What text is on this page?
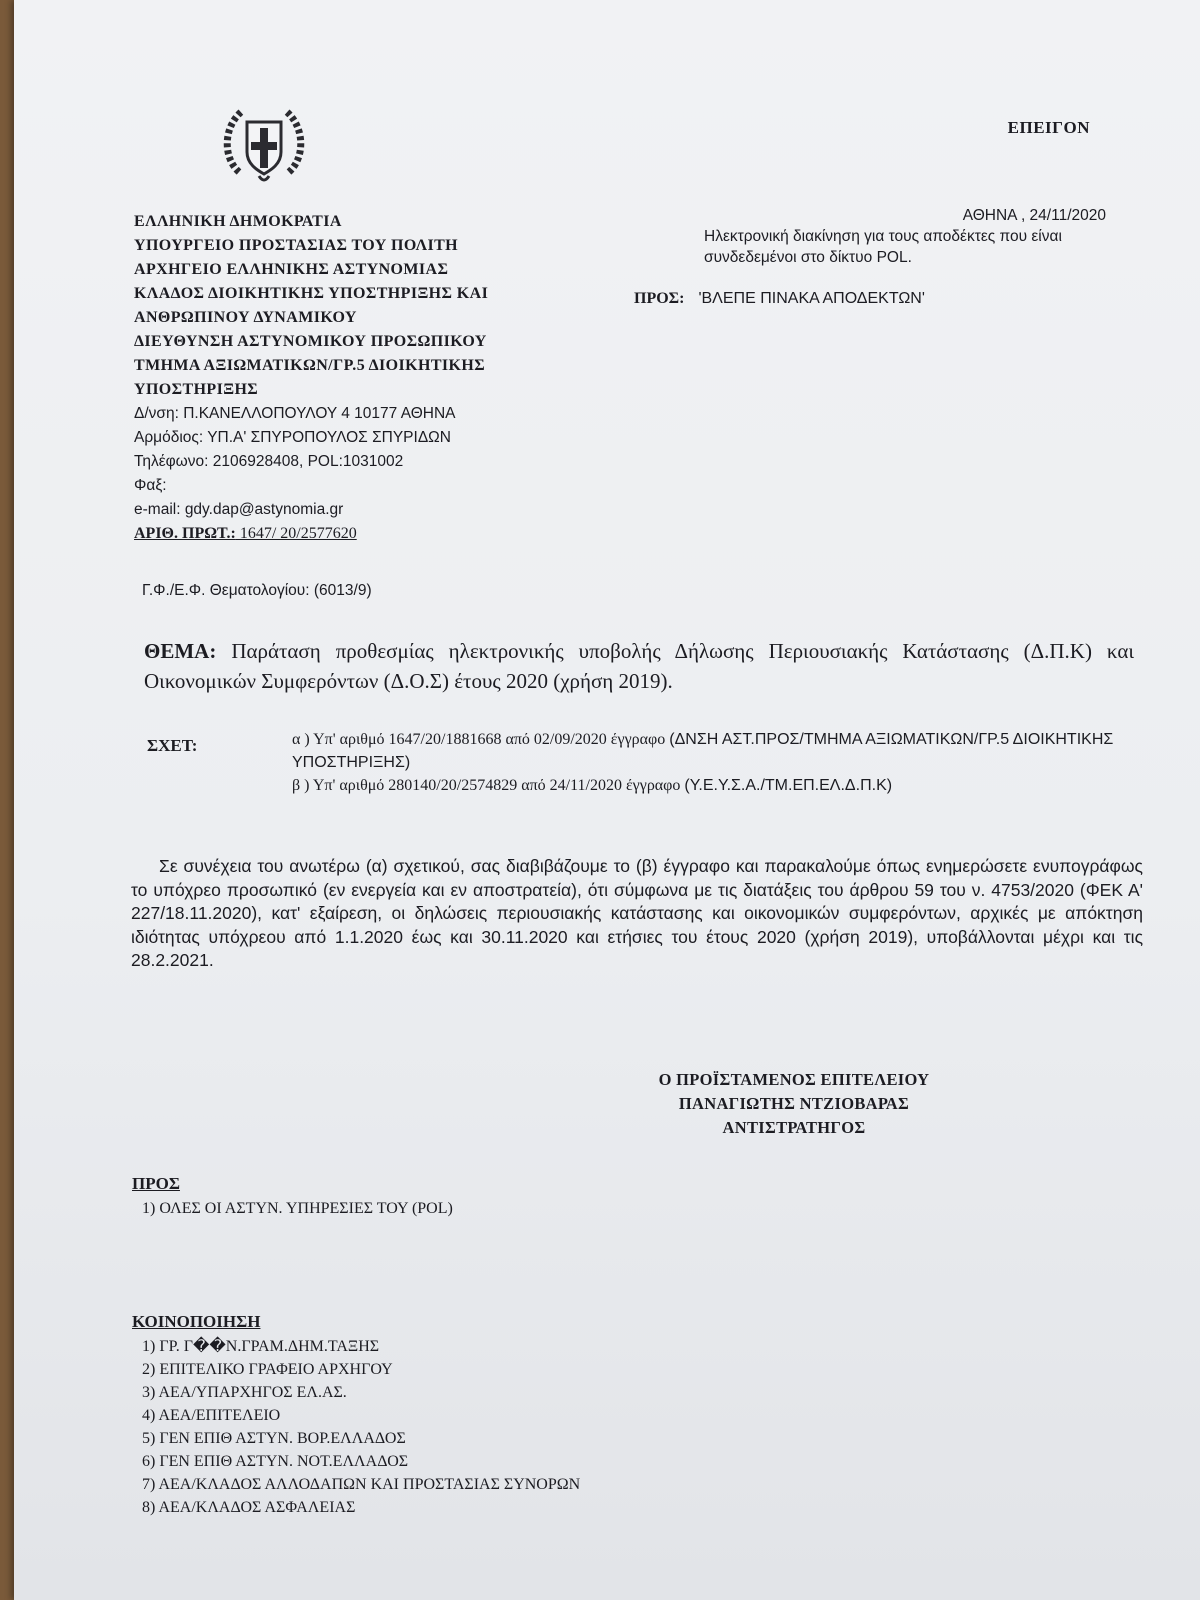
ΕΠΕΙΓΟΝ
ΕΛΛΗΝΙΚΗ ΔΗΜΟΚΡΑΤΙΑ
ΥΠΟΥΡΓΕΙΟ ΠΡΟΣΤΑΣΙΑΣ ΤΟΥ ΠΟΛΙΤΗ
ΑΡΧΗΓΕΙΟ ΕΛΛΗΝΙΚΗΣ ΑΣΤΥΝΟΜΙΑΣ
ΚΛΑΔΟΣ ΔΙΟΙΚΗΤΙΚΗΣ ΥΠΟΣΤΗΡΙΞΗΣ ΚΑΙ
ΑΝΘΡΩΠΙΝΟΥ ΔΥΝΑΜΙΚΟΥ
ΔΙΕΥΘΥΝΣΗ ΑΣΤΥΝΟΜΙΚΟΥ ΠΡΟΣΩΠΙΚΟΥ
ΤΜΗΜΑ ΑΞΙΩΜΑΤΙΚΩΝ/ΓΡ.5 ΔΙΟΙΚΗΤΙΚΗΣ
ΥΠΟΣΤΗΡΙΞΗΣ
Δ/νση: Π.ΚΑΝΕΛΛΟΠΟΥΛΟΥ 4 10177 ΑΘΗΝΑ
Αρμόδιος: ΥΠ.Α' ΣΠΥΡΟΠΟΥΛΟΣ ΣΠΥΡΙΔΩΝ
Τηλέφωνο: 2106928408, POL:1031002
Φαξ:
e-mail: gdy.dap@astynomia.gr
ΑΡΙΘ. ΠΡΩΤ.: 1647/ 20/2577620
ΑΘΗΝΑ , 24/11/2020
Ηλεκτρονική διακίνηση για τους αποδέκτες που είναι συνδεδεμένοι στο δίκτυο POL.
ΠΡΟΣ: 'ΒΛΕΠΕ ΠΙΝΑΚΑ ΑΠΟΔΕΚΤΩΝ'
Γ.Φ./Ε.Φ. Θεματολογίου: (6013/9)
ΘΕΜΑ: Παράταση προθεσμίας ηλεκτρονικής υποβολής Δήλωσης Περιουσιακής Κατάστασης (Δ.Π.Κ) και Οικονομικών Συμφερόντων (Δ.Ο.Σ) έτους 2020 (χρήση 2019).
ΣΧΕΤ:	α ) Υπ' αριθμό 1647/20/1881668 από 02/09/2020 έγγραφο (ΔΝΣΗ ΑΣΤ.ΠΡΟΣ/ΤΜΗΜΑ ΑΞΙΩΜΑΤΙΚΩΝ/ΓΡ.5 ΔΙΟΙΚΗΤΙΚΗΣ ΥΠΟΣΤΗΡΙΞΗΣ)
β ) Υπ' αριθμό 280140/20/2574829 από 24/11/2020 έγγραφο (Υ.Ε.Υ.Σ.Α./ΤΜ.ΕΠ.ΕΛ.Δ.Π.Κ)

Σε συνέχεια του ανωτέρω (α) σχετικού, σας διαβιβάζουμε το (β) έγγραφο και παρακαλούμε όπως ενημερώσετε ενυπογράφως το υπόχρεο προσωπικό (εν ενεργεία και εν αποστρατεία), ότι σύμφωνα με τις διατάξεις του άρθρου 59 του ν. 4753/2020 (ΦΕΚ Α' 227/18.11.2020), κατ' εξαίρεση, οι δηλώσεις περιουσιακής κατάστασης και οικονομικών συμφερόντων, αρχικές με απόκτηση ιδιότητας υπόχρεου από 1.1.2020 έως και 30.11.2020 και ετήσιες του έτους 2020 (χρήση 2019), υποβάλλονται μέχρι και τις 28.2.2021.

Ο ΠΡΟΪΣΤΑΜΕΝΟΣ ΕΠΙΤΕΛΕΙΟΥ
ΠΑΝΑΓΙΩΤΗΣ ΝΤΖΙΟΒΑΡΑΣ
ΑΝΤΙΣΤΡΑΤΗΓΟΣ
ΠΡΟΣ
1) ΟΛΕΣ ΟΙ ΑΣΤΥΝ. ΥΠΗΡΕΣΙΕΣ ΤΟΥ (POL)
ΚΟΙΝΟΠΟΙΗΣΗ
1) ΓΡ. Γ��Ν.ΓΡΑΜ.ΔΗΜ.ΤΑΞΗΣ
2) ΕΠΙΤΕΛΙΚΟ ΓΡΑΦΕΙΟ ΑΡΧΗΓΟΥ
3) ΑΕΑ/ΥΠΑΡΧΗΓΟΣ ΕΛ.ΑΣ.
4) ΑΕΑ/ΕΠΙΤΕΛΕΙΟ
5) ΓΕΝ ΕΠΙΘ ΑΣΤΥΝ. ΒΟΡ.ΕΛΛΑΔΟΣ
6) ΓΕΝ ΕΠΙΘ ΑΣΤΥΝ. ΝΟΤ.ΕΛΛΑΔΟΣ
7) ΑΕΑ/ΚΛΑΔΟΣ ΑΛΛΟΔΑΠΩΝ ΚΑΙ ΠΡΟΣΤΑΣΙΑΣ ΣΥΝΟΡΩΝ
8) ΑΕΑ/ΚΛΑΔΟΣ ΑΣΦΑΛΕΙΑΣ
